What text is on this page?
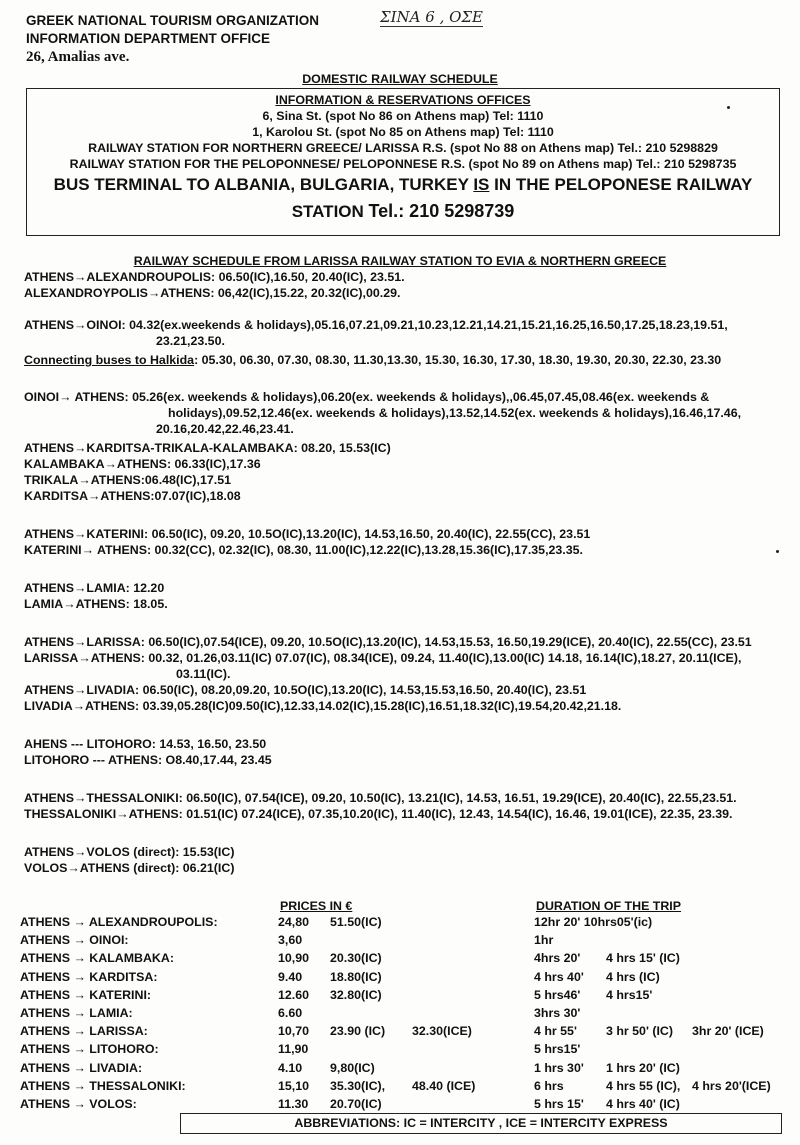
GREEK NATIONAL TOURISM ORGANIZATION
INFORMATION DEPARTMENT OFFICE
26, Amalias ave.
ΣΙΝΑ 6 , ΟΣΕ
DOMESTIC RAILWAY SCHEDULE
INFORMATION & RESERVATIONS OFFICES
6, Sina St. (spot No 86 on Athens map) Tel: 1110
1, Karolou St. (spot No 85 on Athens map) Tel: 1110
RAILWAY STATION FOR NORTHERN GREECE/ LARISSA R.S. (spot No 88 on Athens map) Tel.: 210 5298829
RAILWAY STATION FOR THE PELOPONNESE/ PELOPONNESE R.S. (spot No 89 on Athens map) Tel.: 210 5298735
BUS TERMINAL TO ALBANIA, BULGARIA, TURKEY IS IN THE PELOPONESE RAILWAY
STATION Tel.: 210 5298739
RAILWAY SCHEDULE FROM LARISSA RAILWAY STATION TO EVIA & NORTHERN GREECE
ATHENS→ALEXANDROUPOLIS: 06.50(IC),16.50, 20.40(IC), 23.51.
ALEXANDROYPOLIS→ATHENS: 06,42(IC),15.22, 20.32(IC),00.29.
ATHENS→OINOI: 04.32(ex.weekends & holidays),05.16,07.21,09.21,10.23,12.21,14.21,15.21,16.25,16.50,17.25,18.23,19.51,
23.21,23.50.
Connecting buses to Halkida: 05.30, 06.30, 07.30, 08.30, 11.30,13.30, 15.30, 16.30, 17.30, 18.30, 19.30, 20.30, 22.30, 23.30
OINOI→ ATHENS: 05.26(ex. weekends & holidays),06.20(ex. weekends & holidays),,06.45,07.45,08.46(ex. weekends &
holidays),09.52,12.46(ex. weekends & holidays),13.52,14.52(ex. weekends & holidays),16.46,17.46,
20.16,20.42,22.46,23.41.
ATHENS→KARDITSA-TRIKALA-KALAMBAKA: 08.20, 15.53(IC)
KALAMBAKA→ATHENS: 06.33(IC),17.36
TRIKALA→ATHENS:06.48(IC),17.51
KARDITSA→ATHENS:07.07(IC),18.08
ATHENS→KATERINI: 06.50(IC), 09.20, 10.5O(IC),13.20(IC), 14.53,16.50, 20.40(IC), 22.55(CC), 23.51
KATERINI→ ATHENS: 00.32(CC), 02.32(IC), 08.30, 11.00(IC),12.22(IC),13.28,15.36(IC),17.35,23.35.
ATHENS→LAMIA: 12.20
LAMIA→ATHENS: 18.05.
ATHENS→LARISSA: 06.50(IC),07.54(ICE), 09.20, 10.5O(IC),13.20(IC), 14.53,15.53, 16.50,19.29(ICE), 20.40(IC), 22.55(CC), 23.51
LARISSA→ATHENS: 00.32, 01.26,03.11(IC) 07.07(IC), 08.34(ICE), 09.24, 11.40(IC),13.00(IC) 14.18, 16.14(IC),18.27, 20.11(ICE),
03.11(IC).
ATHENS→LIVADIA: 06.50(IC), 08.20,09.20, 10.5O(IC),13.20(IC), 14.53,15.53,16.50, 20.40(IC), 23.51
LIVADIA→ATHENS: 03.39,05.28(IC)09.50(IC),12.33,14.02(IC),15.28(IC),16.51,18.32(IC),19.54,20.42,21.18.
AHENS --- LITOHORO: 14.53, 16.50, 23.50
LITOHORO --- ATHENS: O8.40,17.44, 23.45
ATHENS→THESSALONIKI: 06.50(IC), 07.54(ICE), 09.20, 10.50(IC), 13.21(IC), 14.53, 16.51, 19.29(ICE), 20.40(IC), 22.55,23.51.
THESSALONIKI→ATHENS: 01.51(IC) 07.24(ICE), 07.35,10.20(IC), 11.40(IC), 12.43, 14.54(IC), 16.46, 19.01(ICE), 22.35, 23.39.
ATHENS→VOLOS (direct): 15.53(IC)
VOLOS→ATHENS (direct): 06.21(IC)
PRICES IN €	DURATION OF THE TRIP
ATHENS → ALEXANDROUPOLIS:	24,80 51.50(IC)	12hr 20' 10hrs05'(ic)
ATHENS → OINOI:	3,60	1hr
ATHENS → KALAMBAKA:	10,90 20.30(IC)	4hrs 20' 4 hrs 15' (IC)
ATHENS → KARDITSA:	9.40 18.80(IC)	4 hrs 40' 4 hrs (IC)
ATHENS → KATERINI:	12.60 32.80(IC)	5 hrs46' 4 hrs15'
ATHENS → LAMIA:	6.60	3hrs 30'
ATHENS → LARISSA:	10,70 23.90 (IC) 32.30(ICE)	4 hr 55' 3 hr 50' (IC) 3hr 20' (ICE)
ATHENS → LITOHORO:	11,90	5 hrs15'
ATHENS → LIVADIA:	4.10 9,80(IC)	1 hrs 30' 1 hrs 20' (IC)
ATHENS → THESSALONIKI:	15,10 35.30(IC), 48.40 (ICE)	6 hrs	4 hrs 55 (IC), 4 hrs 20'(ICE)
ATHENS → VOLOS:	11.30 20.70(IC)	5 hrs 15' 4 hrs 40' (IC)
ABBREVIATIONS: IC = INTERCITY , ICE = INTERCITY EXPRESS
